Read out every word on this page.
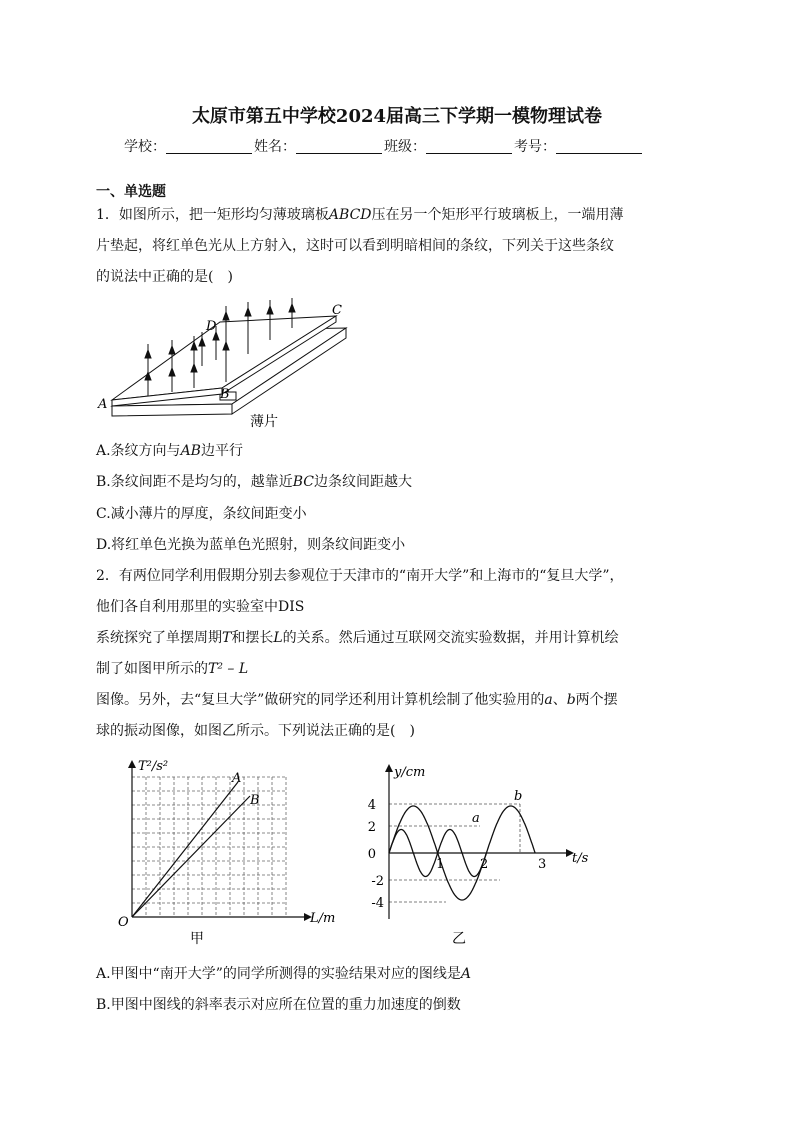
太原市第五中学校2024届高三下学期一模物理试卷
学校：	姓名：	班级：	考号：
一、单选题
1．如图所示，把一矩形均匀薄玻璃板ABCD压在另一个矩形平行玻璃板上，一端用薄
片垫起，将红单色光从上方射入，这时可以看到明暗相间的条纹，下列关于这些条纹
的说法中正确的是(　)
A
B
C
D
薄片
A.条纹方向与AB边平行
B.条纹间距不是均匀的，越靠近BC边条纹间距越大
C.减小薄片的厚度，条纹间距变小
D.将红单色光换为蓝单色光照射，则条纹间距变小
2．有两位同学利用假期分别去参观位于天津市的“南开大学”和上海市的“复旦大学”，
他们各自利用那里的实验室中DIS
系统探究了单摆周期T和摆长L的关系。然后通过互联网交流实验数据，并用计算机绘
制了如图甲所示的T² – L
图像。另外，去“复旦大学”做研究的同学还利用计算机绘制了他实验用的a、b两个摆
球的振动图像，如图乙所示。下列说法正确的是(　)
T²/s²
L/m
O
A
B
甲
y/cm
t/s
4
2
0
-2
-4
1	2	3
a
b
乙
A.甲图中“南开大学”的同学所测得的实验结果对应的图线是A
B.甲图中图线的斜率表示对应所在位置的重力加速度的倒数
